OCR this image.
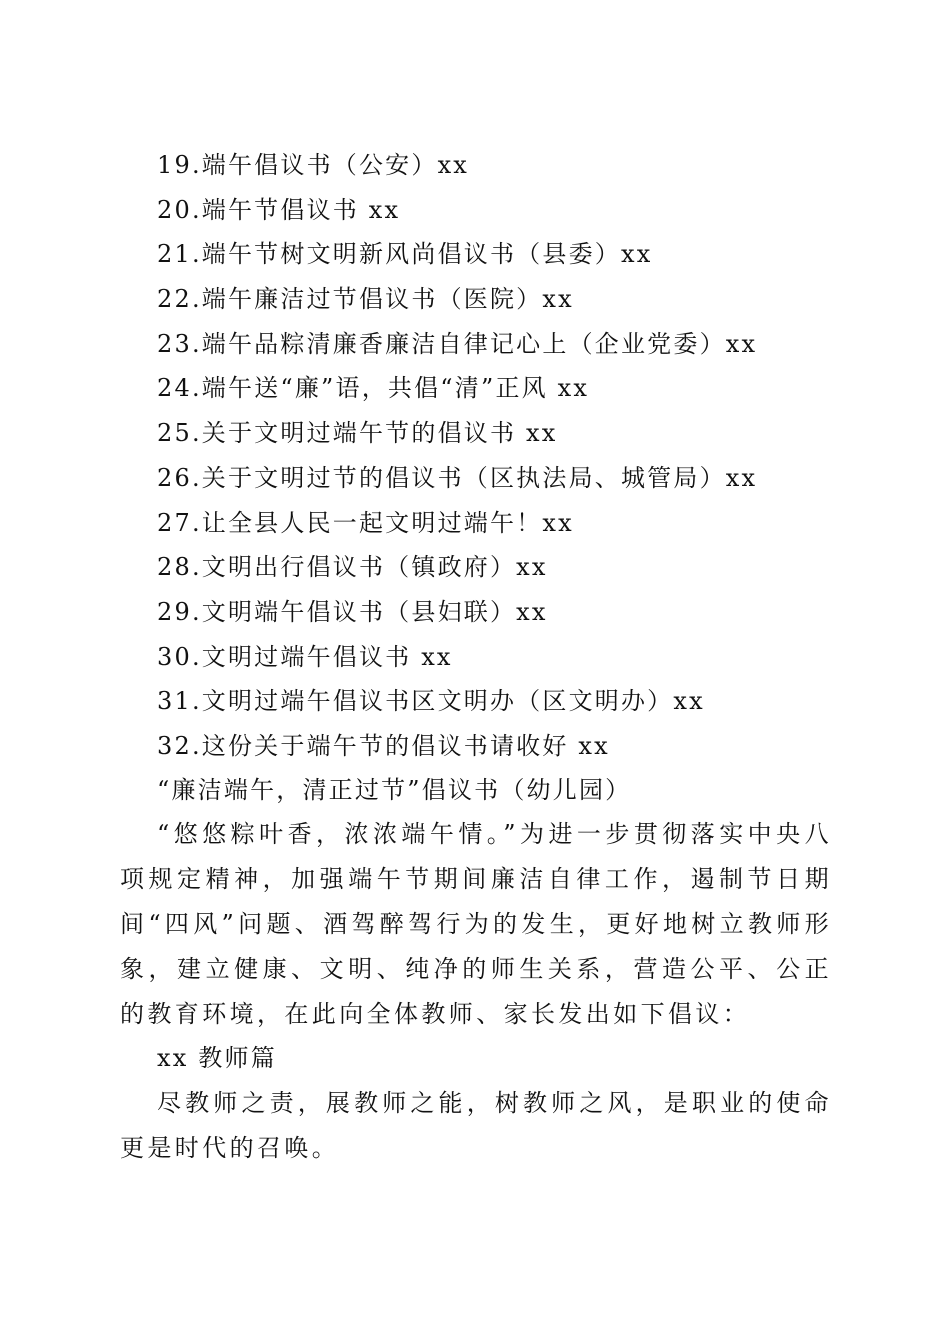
19.端午倡议书（公安）xx
20.端午节倡议书 xx
21.端午节树文明新风尚倡议书（县委）xx
22.端午廉洁过节倡议书（医院）xx
23.端午品粽清廉香廉洁自律记心上（企业党委）xx
24.端午送“廉”语，共倡“清”正风 xx
25.关于文明过端午节的倡议书 xx
26.关于文明过节的倡议书（区执法局、城管局）xx
27.让全县人民一起文明过端午！xx
28.文明出行倡议书（镇政府）xx
29.文明端午倡议书（县妇联）xx
30.文明过端午倡议书 xx
31.文明过端午倡议书区文明办（区文明办）xx
32.这份关于端午节的倡议书请收好 xx
“廉洁端午，清正过节”倡议书（幼儿园）

“悠悠粽叶香，浓浓端午情。”为进一步贯彻落实中央八项规定精神，加强端午节期间廉洁自律工作，遏制节日期间“四风”问题、酒驾醉驾行为的发生，更好地树立教师形象，建立健康、文明、纯净的师生关系，营造公平、公正的教育环境，在此向全体教师、家长发出如下倡议：

xx 教师篇

尽教师之责，展教师之能，树教师之风，是职业的使命更是时代的召唤。
